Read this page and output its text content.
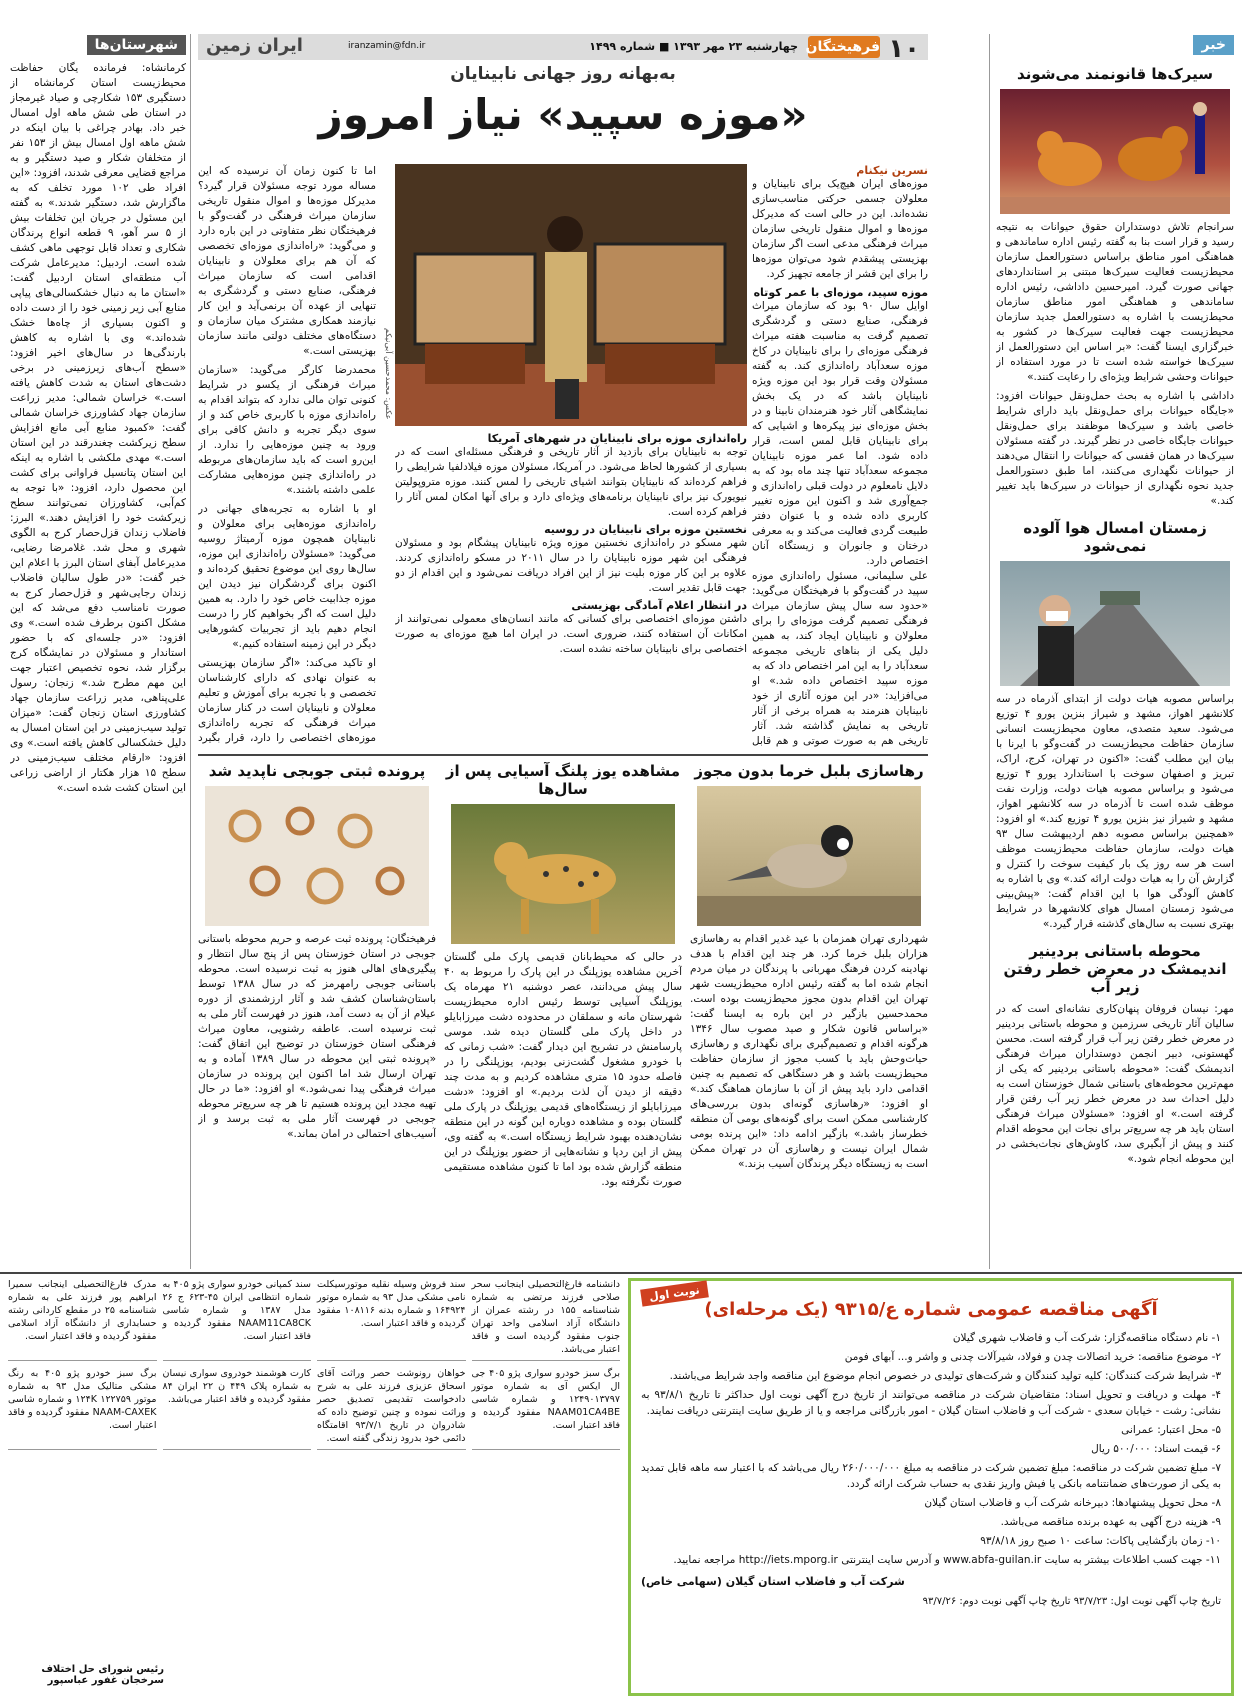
۱۰
فرهیختگان
چهارشنبه ۲۳ مهر ۱۳۹۳ ■ شماره ۱۴۹۹
iranzamin@fdn.ir
ایران زمین	خبر
سیرک‌ها قانونمند می‌شوند
سرانجام تلاش دوستداران حقوق حیوانات به نتیجه رسید و قرار است بنا به گفته رئیس اداره ساماندهی و هماهنگی امور مناطق براساس دستورالعمل سازمان محیط‌زیست فعالیت سیرک‌ها مبتنی بر استانداردهای جهانی صورت گیرد. امیرحسین داداشی، رئیس اداره ساماندهی و هماهنگی امور مناطق سازمان محیط‌زیست با اشاره به دستورالعمل جدید سازمان محیط‌زیست جهت فعالیت سیرک‌ها در کشور به خبرگزاری ایسنا گفت: «بر اساس این دستورالعمل از سیرک‌ها خواسته شده است تا در مورد استفاده از حیوانات وحشی شرایط ویژه‌ای را رعایت کنند.»
داداشی با اشاره به بحث حمل‌ونقل حیوانات افزود: «جایگاه حیوانات برای حمل‌ونقل باید دارای شرایط خاصی باشد و سیرک‌ها موظفند برای حمل‌ونقل حیوانات جایگاه خاصی در نظر گیرند. در گفته مسئولان سیرک‌ها در همان قفسی که حیوانات را انتقال می‌دهند از حیوانات نگهداری می‌کنند، اما طبق دستورالعمل جدید نحوه نگهداری از حیوانات در سیرک‌ها باید تغییر کند.»
زمستان امسال هوا آلوده نمی‌شود
براساس مصوبه هیات دولت از ابتدای آذرماه در سه کلانشهر اهواز، مشهد و شیراز بنزین یورو ۴ توزیع می‌شود. سعید متصدی، معاون محیط‌زیست انسانی سازمان حفاظت محیط‌زیست در گفت‌وگو با ایرنا با بیان این مطلب گفت: «اکنون در تهران، کرج، اراک، تبریز و اصفهان سوخت با استاندارد یورو ۴ توزیع می‌شود و براساس مصوبه هیات دولت، وزارت نفت موظف شده است تا آذرماه در سه کلانشهر اهواز، مشهد و شیراز نیز بنزین یورو ۴ توزیع کند.» او افزود: «همچنین براساس مصوبه دهم اردیبهشت سال ۹۳ هیات دولت، سازمان حفاظت محیط‌زیست موظف است هر سه روز یک بار کیفیت سوخت را کنترل و گزارش آن را به هیات دولت ارائه کند.» وی با اشاره به کاهش آلودگی هوا با این اقدام گفت: «پیش‌بینی می‌شود زمستان امسال هوای کلانشهرها در شرایط بهتری نسبت به سال‌های گذشته قرار گیرد.»
محوطه باستانی بردینیر اندیمشک در معرض خطر رفتن زیر آب
مهر: نیسان فروفان پنهان‌کاری نشانه‌ای است که در سالیان آثار تاریخی سرزمین و محوطه باستانی بردینیر در معرض خطر رفتن زیر آب قرار گرفته است. محسن گهستونی، دبیر انجمن دوستداران میراث فرهنگی اندیمشک گفت: «محوطه باستانی بردینیر که یکی از مهم‌ترین محوطه‌های باستانی شمال خوزستان است به دلیل احداث سد در معرض خطر زیر آب رفتن قرار گرفته است.» او افزود: «مسئولان میراث فرهنگی استان باید هر چه سریع‌تر برای نجات این محوطه اقدام کنند و پیش از آبگیری سد، کاوش‌های نجات‌بخشی در این محوطه انجام شود.»
شهرستان‌ها
کرمانشاه: فرمانده یگان حفاظت محیط‌زیست استان کرمانشاه از دستگیری ۱۵۳ شکارچی و صیاد غیرمجاز در استان طی شش ماهه اول امسال خبر داد. بهادر چراغی با بیان اینکه در شش ماهه اول امسال بیش از ۱۵۳ نفر از متخلفان شکار و صید دستگیر و به مراجع قضایی معرفی شدند، افزود: «این افراد طی ۱۰۲ مورد تخلف که به ماگزارش شد، دستگیر شدند.» به گفته این مسئول در جریان این تخلفات بیش از ۵ سر آهو، ۹ قطعه انواع پرندگان شکاری و تعداد قابل توجهی ماهی کشف شده است. اردبیل: مدیرعامل شرکت آب منطقه‌ای استان اردبیل گفت: «استان ما به دنبال خشکسالی‌های پیاپی منابع آبی زیر زمینی خود را از دست داده و اکنون بسیاری از چاه‌ها خشک شده‌اند.» وی با اشاره به کاهش بارندگی‌ها در سال‌های اخیر افزود: «سطح آب‌های زیرزمینی در برخی دشت‌های استان به شدت کاهش یافته است.» خراسان شمالی: مدیر زراعت سازمان جهاد کشاورزی خراسان شمالی گفت: «کمبود منابع آبی مانع افزایش سطح زیرکشت چغندرقند در این استان است.» مهدی ملکشی با اشاره به اینکه این استان پتانسیل فراوانی برای کشت این محصول دارد، افزود: «با توجه به کم‌آبی، کشاورزان نمی‌توانند سطح زیرکشت خود را افزایش دهند.» البرز: فاضلاب زندان قزل‌حصار کرج به الگوی شهری و محل شد. غلامرضا رضایی، مدیرعامل آبفای استان البرز با اعلام این خبر گفت: «در طول سالیان فاضلاب زندان رجایی‌شهر و قزل‌حصار کرج به صورت نامناسب دفع می‌شد که این مشکل اکنون برطرف شده است.» وی افزود: «در جلسه‌ای که با حضور استاندار و مسئولان در نمایشگاه کرج برگزار شد، نحوه تخصیص اعتبار جهت این مهم مطرح شد.» زنجان: رسول علی‌پناهی، مدیر زراعت سازمان جهاد کشاورزی استان زنجان گفت: «میزان تولید سیب‌زمینی در این استان امسال به دلیل خشکسالی کاهش یافته است.» وی افزود: «ارقام مختلف سیب‌زمینی در سطح ۱۵ هزار هکتار از اراضی زراعی این استان کشت شده است.»
به‌بهانه روز جهانی نابینایان
«موزه سپید» نیاز امروز
عکس: محمدحسین آبی‌نیکم
نسرین نیکنام
موزه‌های ایران هیچ‌یک برای نابینایان و معلولان جسمی حرکتی مناسب‌سازی نشده‌اند. این در حالی است که مدیرکل موزه‌ها و اموال منقول تاریخی سازمان میراث فرهنگی مدعی است اگر سازمان بهزیستی پیشقدم شود می‌توان موزه‌ها را برای این قشر از جامعه تجهیز کرد.
موزه سپید، موزه‌ای با عمر کوتاه
اوایل سال ۹۰ بود که سازمان میراث فرهنگی، صنایع دستی و گردشگری تصمیم گرفت به مناسبت هفته میراث فرهنگی موزه‌ای را برای نابینایان در کاخ موزه سعدآباد راه‌اندازی کند. به گفته مسئولان وقت قرار بود این موزه ویژه نابینایان باشد که در یک بخش نمایشگاهی آثار خود هنرمندان نابینا و در بخش موزه‌ای نیز پیکره‌ها و اشیایی که برای نابینایان قابل لمس است، قرار داده شود. اما عمر موزه نابینایان مجموعه سعدآباد تنها چند ماه بود که به دلایل نامعلوم در دولت قبلی راه‌اندازی و جمع‌آوری شد و اکنون این موزه تغییر کاربری داده شده و با عنوان دفتر طبیعت گردی فعالیت می‌کند و به معرفی درختان و جانوران و زیستگاه آنان اختصاص دارد.
علی سلیمانی، مسئول راه‌اندازی موزه سپید در گفت‌وگو با فرهیختگان می‌گوید: «حدود سه سال پیش سازمان میراث فرهنگی تصمیم گرفت موزه‌ای را برای معلولان و نابینایان ایجاد کند، به همین دلیل یکی از بناهای تاریخی مجموعه سعدآباد را به این امر اختصاص داد که به موزه سپید اختصاص داده شد.» او می‌افزاید: «در این موزه آثاری از خود نابینایان هنرمند به همراه برخی از آثار تاریخی به نمایش گذاشته شد. آثار تاریخی هم به صورت صوتی و هم قابل
اما تا کنون زمان آن نرسیده که این مساله مورد توجه مسئولان قرار گیرد؟ مدیرکل موزه‌ها و اموال منقول تاریخی سازمان میراث فرهنگی در گفت‌وگو با فرهیختگان نظر متفاوتی در این باره دارد و می‌گوید: «راه‌اندازی موزه‌ای تخصصی که آن هم برای معلولان و نابینایان اقدامی است که سازمان میراث فرهنگی، صنایع دستی و گردشگری به تنهایی از عهده آن برنمی‌آید و این کار نیازمند همکاری مشترک میان سازمان و دستگاه‌های مختلف دولتی مانند سازمان بهزیستی است.»
محمدرضا کارگر می‌گوید: «سازمان میراث فرهنگی از یکسو در شرایط کنونی توان مالی ندارد که بتواند اقدام به راه‌اندازی موزه با کاربری خاص کند و از سوی دیگر تجربه و دانش کافی برای ورود به چنین موزه‌هایی را ندارد. از این‌رو است که باید سازمان‌های مربوطه در راه‌اندازی چنین موزه‌هایی مشارکت علمی داشته باشند.»
او با اشاره به تجربه‌های جهانی در راه‌اندازی موزه‌هایی برای معلولان و نابینایان همچون موزه آرمیتاژ روسیه می‌گوید: «مسئولان راه‌اندازی این موزه، سال‌ها روی این موضوع تحقیق کرده‌اند و اکنون برای گردشگران نیز دیدن این موزه جذابیت خاص خود را دارد. به همین دلیل است که اگر بخواهیم کار را درست انجام دهیم باید از تجربیات کشورهایی دیگر در این زمینه استفاده کنیم.»
او تاکید می‌کند: «اگر سازمان بهزیستی به عنوان نهادی که دارای کارشناسان تخصصی و با تجربه برای آموزش و تعلیم معلولان و نابینایان است در کنار سازمان میراث فرهنگی که تجربه راه‌اندازی موزه‌های اختصاصی را دارد، قرار بگیرد
راه‌اندازی موزه برای نابینایان در شهرهای آمریکا
توجه به نابینایان برای بازدید از آثار تاریخی و فرهنگی مسئله‌ای است که در بسیاری از کشورها لحاظ می‌شود. در آمریکا، مسئولان موزه فیلادلفیا شرایطی را فراهم کرده‌اند که نابینایان بتوانند اشیای تاریخی را لمس کنند. موزه متروپولیتن نیویورک نیز برای نابینایان برنامه‌های ویژه‌ای دارد و برای آنها امکان لمس آثار را فراهم کرده است.
نخستین موزه برای نابینایان در روسیه
شهر مسکو در راه‌اندازی نخستین موزه ویژه نابینایان پیشگام بود و مسئولان فرهنگی این شهر موزه نابینایان را در سال ۲۰۱۱ در مسکو راه‌اندازی کردند. علاوه بر این کار موزه بلیت نیز از این افراد دریافت نمی‌شود و این اقدام از دو جهت قابل تقدیر است.
در انتظار اعلام آمادگی بهزیستی
داشتن موزه‌ای اختصاصی برای کسانی که مانند انسان‌های معمولی نمی‌توانند از امکانات آن استفاده کنند، ضروری است. در ایران اما هیچ موزه‌ای به صورت اختصاصی برای نابینایان ساخته نشده است.
رهاسازی بلبل خرما بدون مجوز
شهرداری تهران همزمان با عید غدیر اقدام به رهاسازی هزاران بلبل خرما کرد. هر چند این اقدام با هدف نهادینه کردن فرهنگ مهربانی با پرندگان در میان مردم انجام شده اما به گفته رئیس اداره محیط‌زیست شهر تهران این اقدام بدون مجوز محیط‌زیست بوده است. محمدحسین بازگیر در این باره به ایسنا گفت: «براساس قانون شکار و صید مصوب سال ۱۳۴۶ هرگونه اقدام و تصمیم‌گیری برای نگهداری و رهاسازی حیات‌وحش باید با کسب مجوز از سازمان حفاظت محیط‌زیست باشد و هر دستگاهی که تصمیم به چنین اقدامی دارد باید پیش از آن با سازمان هماهنگ کند.» او افزود: «رهاسازی گونه‌ای بدون بررسی‌های کارشناسی ممکن است برای گونه‌های بومی آن منطقه خطرساز باشد.» بازگیر ادامه داد: «این پرنده بومی شمال ایران نیست و رهاسازی آن در تهران ممکن است به زیستگاه دیگر پرندگان آسیب بزند.»
مشاهده یوز پلنگ آسیایی پس از سال‌ها
در حالی که محیط‌بانان قدیمی پارک ملی گلستان آخرین مشاهده یوزپلنگ در این پارک را مربوط به ۴۰ سال پیش می‌دانند، عصر دوشنبه ۲۱ مهرماه یک یوزپلنگ آسیایی توسط رئیس اداره محیط‌زیست شهرستان مانه و سملقان در محدوده دشت میرزابایلو در داخل پارک ملی گلستان دیده شد. موسی پارسامنش در تشریح این دیدار گفت: «شب زمانی که با خودرو مشغول گشت‌زنی بودیم، یوزپلنگی را در فاصله حدود ۱۵ متری مشاهده کردیم و به مدت چند دقیقه از دیدن آن لذت بردیم.» او افزود: «دشت میرزابایلو از زیستگاه‌های قدیمی یوزپلنگ در پارک ملی گلستان بوده و مشاهده دوباره این گونه در این منطقه نشان‌دهنده بهبود شرایط زیستگاه است.» به گفته وی، پیش از این ردپا و نشانه‌هایی از حضور یوزپلنگ در این منطقه گزارش شده بود اما تا کنون مشاهده مستقیمی صورت نگرفته بود.
پرونده ثبتی جوبجی ناپدید شد
فرهیختگان: پرونده ثبت عرصه و حریم محوطه باستانی جوبجی در استان خوزستان پس از پنج سال انتظار و پیگیری‌های اهالی هنوز به ثبت نرسیده است. محوطه باستانی جوبجی رامهرمز که در سال ۱۳۸۸ توسط باستان‌شناسان کشف شد و آثار ارزشمندی از دوره عیلام از آن به دست آمد، هنوز در فهرست آثار ملی به ثبت نرسیده است. عاطفه رشنویی، معاون میراث فرهنگی استان خوزستان در توضیح این اتفاق گفت: «پرونده ثبتی این محوطه در سال ۱۳۸۹ آماده و به تهران ارسال شد اما اکنون این پرونده در سازمان میراث فرهنگی پیدا نمی‌شود.» او افزود: «ما در حال تهیه مجدد این پرونده هستیم تا هر چه سریع‌تر محوطه جوبجی در فهرست آثار ملی به ثبت برسد و از آسیب‌های احتمالی در امان بماند.»
نوبت اول
آگهی مناقصه عمومی شماره ع/۹۳۱۵ (یک مرحله‌ای)
۱- نام دستگاه مناقصه‌گزار: شرکت آب و فاضلاب شهری گیلان
۲- موضوع مناقصه: خرید اتصالات چدن و فولاد، شیرآلات چدنی و واشر و... آبهای فومن
۳- شرایط شرکت کنندگان: کلیه تولید کنندگان و شرکت‌های تولیدی در خصوص انجام موضوع این مناقصه واجد شرایط می‌باشند.
۴- مهلت و دریافت و تحویل اسناد: متقاضیان شرکت در مناقصه می‌توانند از تاریخ درج آگهی نوبت اول حداکثر تا تاریخ ۹۳/۸/۱ به نشانی: رشت - خیابان سعدی - شرکت آب و فاضلاب استان گیلان - امور بازرگانی مراجعه و یا از طریق سایت اینترنتی دریافت نمایند.
۵- محل اعتبار: عمرانی
۶- قیمت اسناد: ۵۰۰/۰۰۰ ریال
۷- مبلغ تضمین شرکت در مناقصه: مبلغ تضمین شرکت در مناقصه به مبلغ ۲۶۰/۰۰۰/۰۰۰ ریال می‌باشد که با اعتبار سه ماهه قابل تمدید به یکی از صورت‌های ضمانتنامه بانکی یا فیش واریز نقدی به حساب شرکت ارائه گردد.
۸- محل تحویل پیشنهادها: دبیرخانه شرکت آب و فاضلاب استان گیلان
۹- هزینه درج آگهی به عهده برنده مناقصه می‌باشد.
۱۰- زمان بازگشایی پاکات: ساعت ۱۰ صبح روز ۹۳/۸/۱۸
۱۱- جهت کسب اطلاعات بیشتر به سایت www.abfa-guilan.ir و آدرس سایت اینترنتی http://iets.mporg.ir مراجعه نمایید.
شرکت آب و فاضلاب استان گیلان (سهامی خاص)
تاریخ چاپ آگهی نوبت اول: ۹۳/۷/۲۳ تاریخ چاپ آگهی نوبت دوم: ۹۳/۷/۲۶
دانشنامه فارغ‌التحصیلی اینجانب سحر صلاحی فرزند مرتضی به شماره شناسنامه ۱۵۵ در رشته عمران از دانشگاه آزاد اسلامی واحد تهران جنوب مفقود گردیده است و فاقد اعتبار می‌باشد.
سند فروش وسیله نقلیه موتورسیکلت نامی مشکی مدل ۹۳ به شماره موتور ۱۶۴۹۲۴ و شماره بدنه ۱۰۸۱۱۶ مفقود گردیده و فاقد اعتبار است.
سند کمپانی خودرو سواری پژو ۴۰۵ به شماره انتظامی ایران ۴۵-۶۲۳ ج ۲۶ مدل ۱۳۸۷ و شماره شاسی NAAM11CA8CK مفقود گردیده و فاقد اعتبار است.
مدرک فارغ‌التحصیلی اینجانب سمیرا ابراهیم پور فرزند علی به شماره شناسنامه ۲۵ در مقطع کاردانی رشته حسابداری از دانشگاه آزاد اسلامی مفقود گردیده و فاقد اعتبار است.
برگ سبز خودرو سواری پژو ۴۰۵ جی ال ایکس آی به شماره موتور ۱۲۴۹۰۱۳۷۹۷ و شماره شاسی NAAM01CA4BE مفقود گردیده و فاقد اعتبار است.
خواهان رونوشت حصر وراثت آقای اسحاق عزیزی فرزند علی به شرح دادخواست تقدیمی تصدیق حصر وراثت نموده و چنین توضیح داده که شادروان در تاریخ ۹۳/۷/۱ اقامتگاه دائمی خود بدرود زندگی گفته است.
کارت هوشمند خودروی سواری نیسان به شماره پلاک ۴۴۹ ن ۲۲ ایران ۸۴ مفقود گردیده و فاقد اعتبار می‌باشد.
برگ سبز خودرو پژو ۴۰۵ به رنگ مشکی متالیک مدل ۹۳ به شماره موتور ۱۲۴K ۱۲۲۷۵۹ و شماره شاسی NAAM-CAXEK مفقود گردیده و فاقد اعتبار است.
رئیس شورای حل اختلاف سرخجان غفور عباسپور
